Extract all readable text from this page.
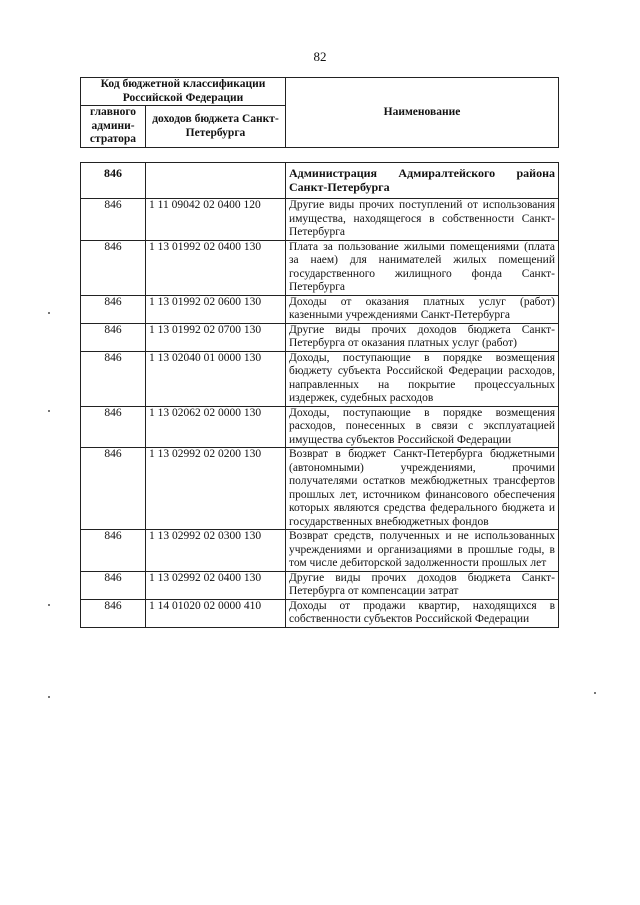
82
Код бюджетной классификации Российской Федерации		Наименование
главного админи-стратора	доходов бюджета Санкт-Петербурга	
846		Администрация Адмиралтейского района Санкт-Петербурга
846	1 11 09042 02 0400 120	Другие виды прочих поступлений от использования имущества, находящегося в собственности Санкт-Петербурга
846	1 13 01992 02 0400 130	Плата за пользование жилыми помещениями (плата за наем) для нанимателей жилых помещений государственного жилищного фонда Санкт-Петербурга
846	1 13 01992 02 0600 130	Доходы от оказания платных услуг (работ) казенными учреждениями Санкт-Петербурга
846	1 13 01992 02 0700 130	Другие виды прочих доходов бюджета Санкт-Петербурга от оказания платных услуг (работ)
846	1 13 02040 01 0000 130	Доходы, поступающие в порядке возмещения бюджету субъекта Российской Федерации расходов, направленных на покрытие процессуальных издержек, судебных расходов
846	1 13 02062 02 0000 130	Доходы, поступающие в порядке возмещения расходов, понесенных в связи с эксплуатацией имущества субъектов Российской Федерации
846	1 13 02992 02 0200 130	Возврат в бюджет Санкт-Петербурга бюджетными (автономными) учреждениями, прочими получателями остатков межбюджетных трансфертов прошлых лет, источником финансового обеспечения которых являются средства федерального бюджета и государственных внебюджетных фондов
846	1 13 02992 02 0300 130	Возврат средств, полученных и не использованных учреждениями и организациями в прошлые годы, в том числе дебиторской задолженности прошлых лет
846	1 13 02992 02 0400 130	Другие виды прочих доходов бюджета Санкт-Петербурга от компенсации затрат
846	1 14 01020 02 0000 410	Доходы от продажи квартир, находящихся в собственности субъектов Российской Федерации
